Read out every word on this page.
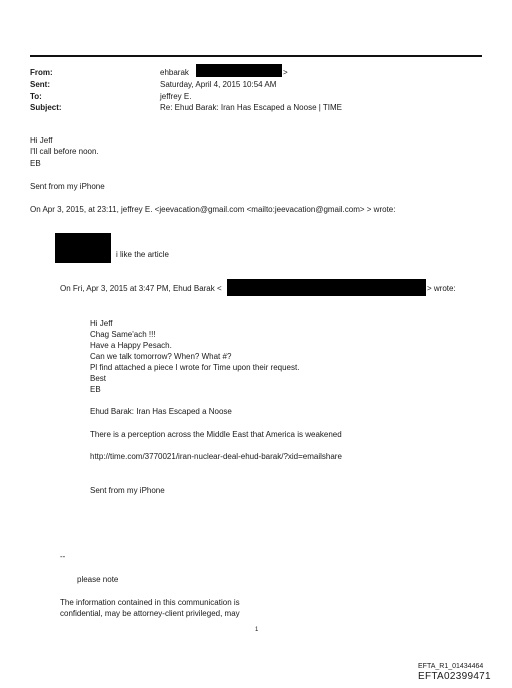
From:	ehbarak	>
Sent:	Saturday, April 4, 2015 10:54 AM
To:	jeffrey E.
Subject:	Re: Ehud Barak: Iran Has Escaped a Noose | TIME
Hi Jeff
I'll call before noon.
EB
Sent from my iPhone
On Apr 3, 2015, at 23:11, jeffrey E. <jeevacation@gmail.com <mailto:jeevacation@gmail.com> > wrote:
i like the article
On Fri, Apr 3, 2015 at 3:47 PM, Ehud Barak <	> wrote:
Hi Jeff
Chag Same'ach !!!
Have a Happy Pesach.
Can we talk tomorrow? When? What #?
Pl find attached a piece I wrote for Time upon their request.
Best
EB
Ehud Barak: Iran Has Escaped a Noose
There is a perception across the Middle East that America is weakened
http://time.com/3770021/iran-nuclear-deal-ehud-barak/?xid=emailshare
Sent from my iPhone
--
please note
The information contained in this communication is
confidential, may be attorney-client privileged, may
1
EFTA_R1_01434464
EFTA02399471
